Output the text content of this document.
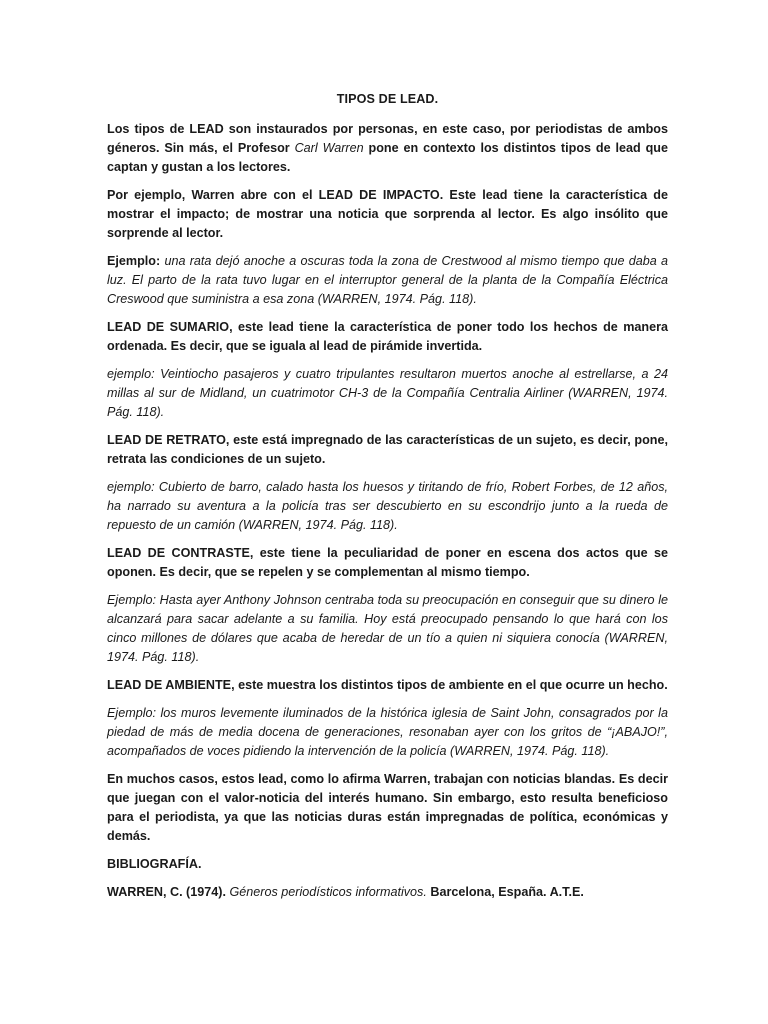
TIPOS DE LEAD.

Los tipos de LEAD son instaurados por personas, en este caso, por periodistas de ambos géneros. Sin más, el Profesor Carl Warren pone en contexto los distintos tipos de lead que captan y gustan a los lectores.

Por ejemplo, Warren abre con el LEAD DE IMPACTO. Este lead tiene la característica de mostrar el impacto; de mostrar una noticia que sorprenda al lector. Es algo insólito que sorprende al lector.

Ejemplo: una rata dejó anoche a oscuras toda la zona de Crestwood al mismo tiempo que daba a luz. El parto de la rata tuvo lugar en el interruptor general de la planta de la Compañía Eléctrica Creswood que suministra a esa zona (WARREN, 1974. Pág. 118).

LEAD DE SUMARIO, este lead tiene la característica de poner todo los hechos de manera ordenada. Es decir, que se iguala al lead de pirámide invertida.

ejemplo: Veintiocho pasajeros y cuatro tripulantes resultaron muertos anoche al estrellarse, a 24 millas al sur de Midland, un cuatrimotor CH-3 de la Compañía Centralia Airliner (WARREN, 1974. Pág. 118).

LEAD DE RETRATO, este está impregnado de las características de un sujeto, es decir, pone, retrata las condiciones de un sujeto.

ejemplo: Cubierto de barro, calado hasta los huesos y tiritando de frío, Robert Forbes, de 12 años, ha narrado su aventura a la policía tras ser descubierto en su escondrijo junto a la rueda de repuesto de un camión (WARREN, 1974. Pág. 118).

LEAD DE CONTRASTE, este tiene la peculiaridad de poner en escena dos actos que se oponen. Es decir, que se repelen y se complementan al mismo tiempo.

Ejemplo: Hasta ayer Anthony Johnson centraba toda su preocupación en conseguir que su dinero le alcanzará para sacar adelante a su familia. Hoy está preocupado pensando lo que hará con los cinco millones de dólares que acaba de heredar de un tío a quien ni siquiera conocía (WARREN, 1974. Pág. 118).

LEAD DE AMBIENTE, este muestra los distintos tipos de ambiente en el que ocurre un hecho.

Ejemplo: los muros levemente iluminados de la histórica iglesia de Saint John, consagrados por la piedad de más de media docena de generaciones, resonaban ayer con los gritos de “¡ABAJO!”, acompañados de voces pidiendo la intervención de la policía (WARREN, 1974. Pág. 118).

En muchos casos, estos lead, como lo afirma Warren, trabajan con noticias blandas. Es decir que juegan con el valor-noticia del interés humano. Sin embargo, esto resulta beneficioso para el periodista, ya que las noticias duras están impregnadas de política, económicas y demás.

BIBLIOGRAFÍA.

WARREN, C. (1974). Géneros periodísticos informativos. Barcelona, España. A.T.E.
